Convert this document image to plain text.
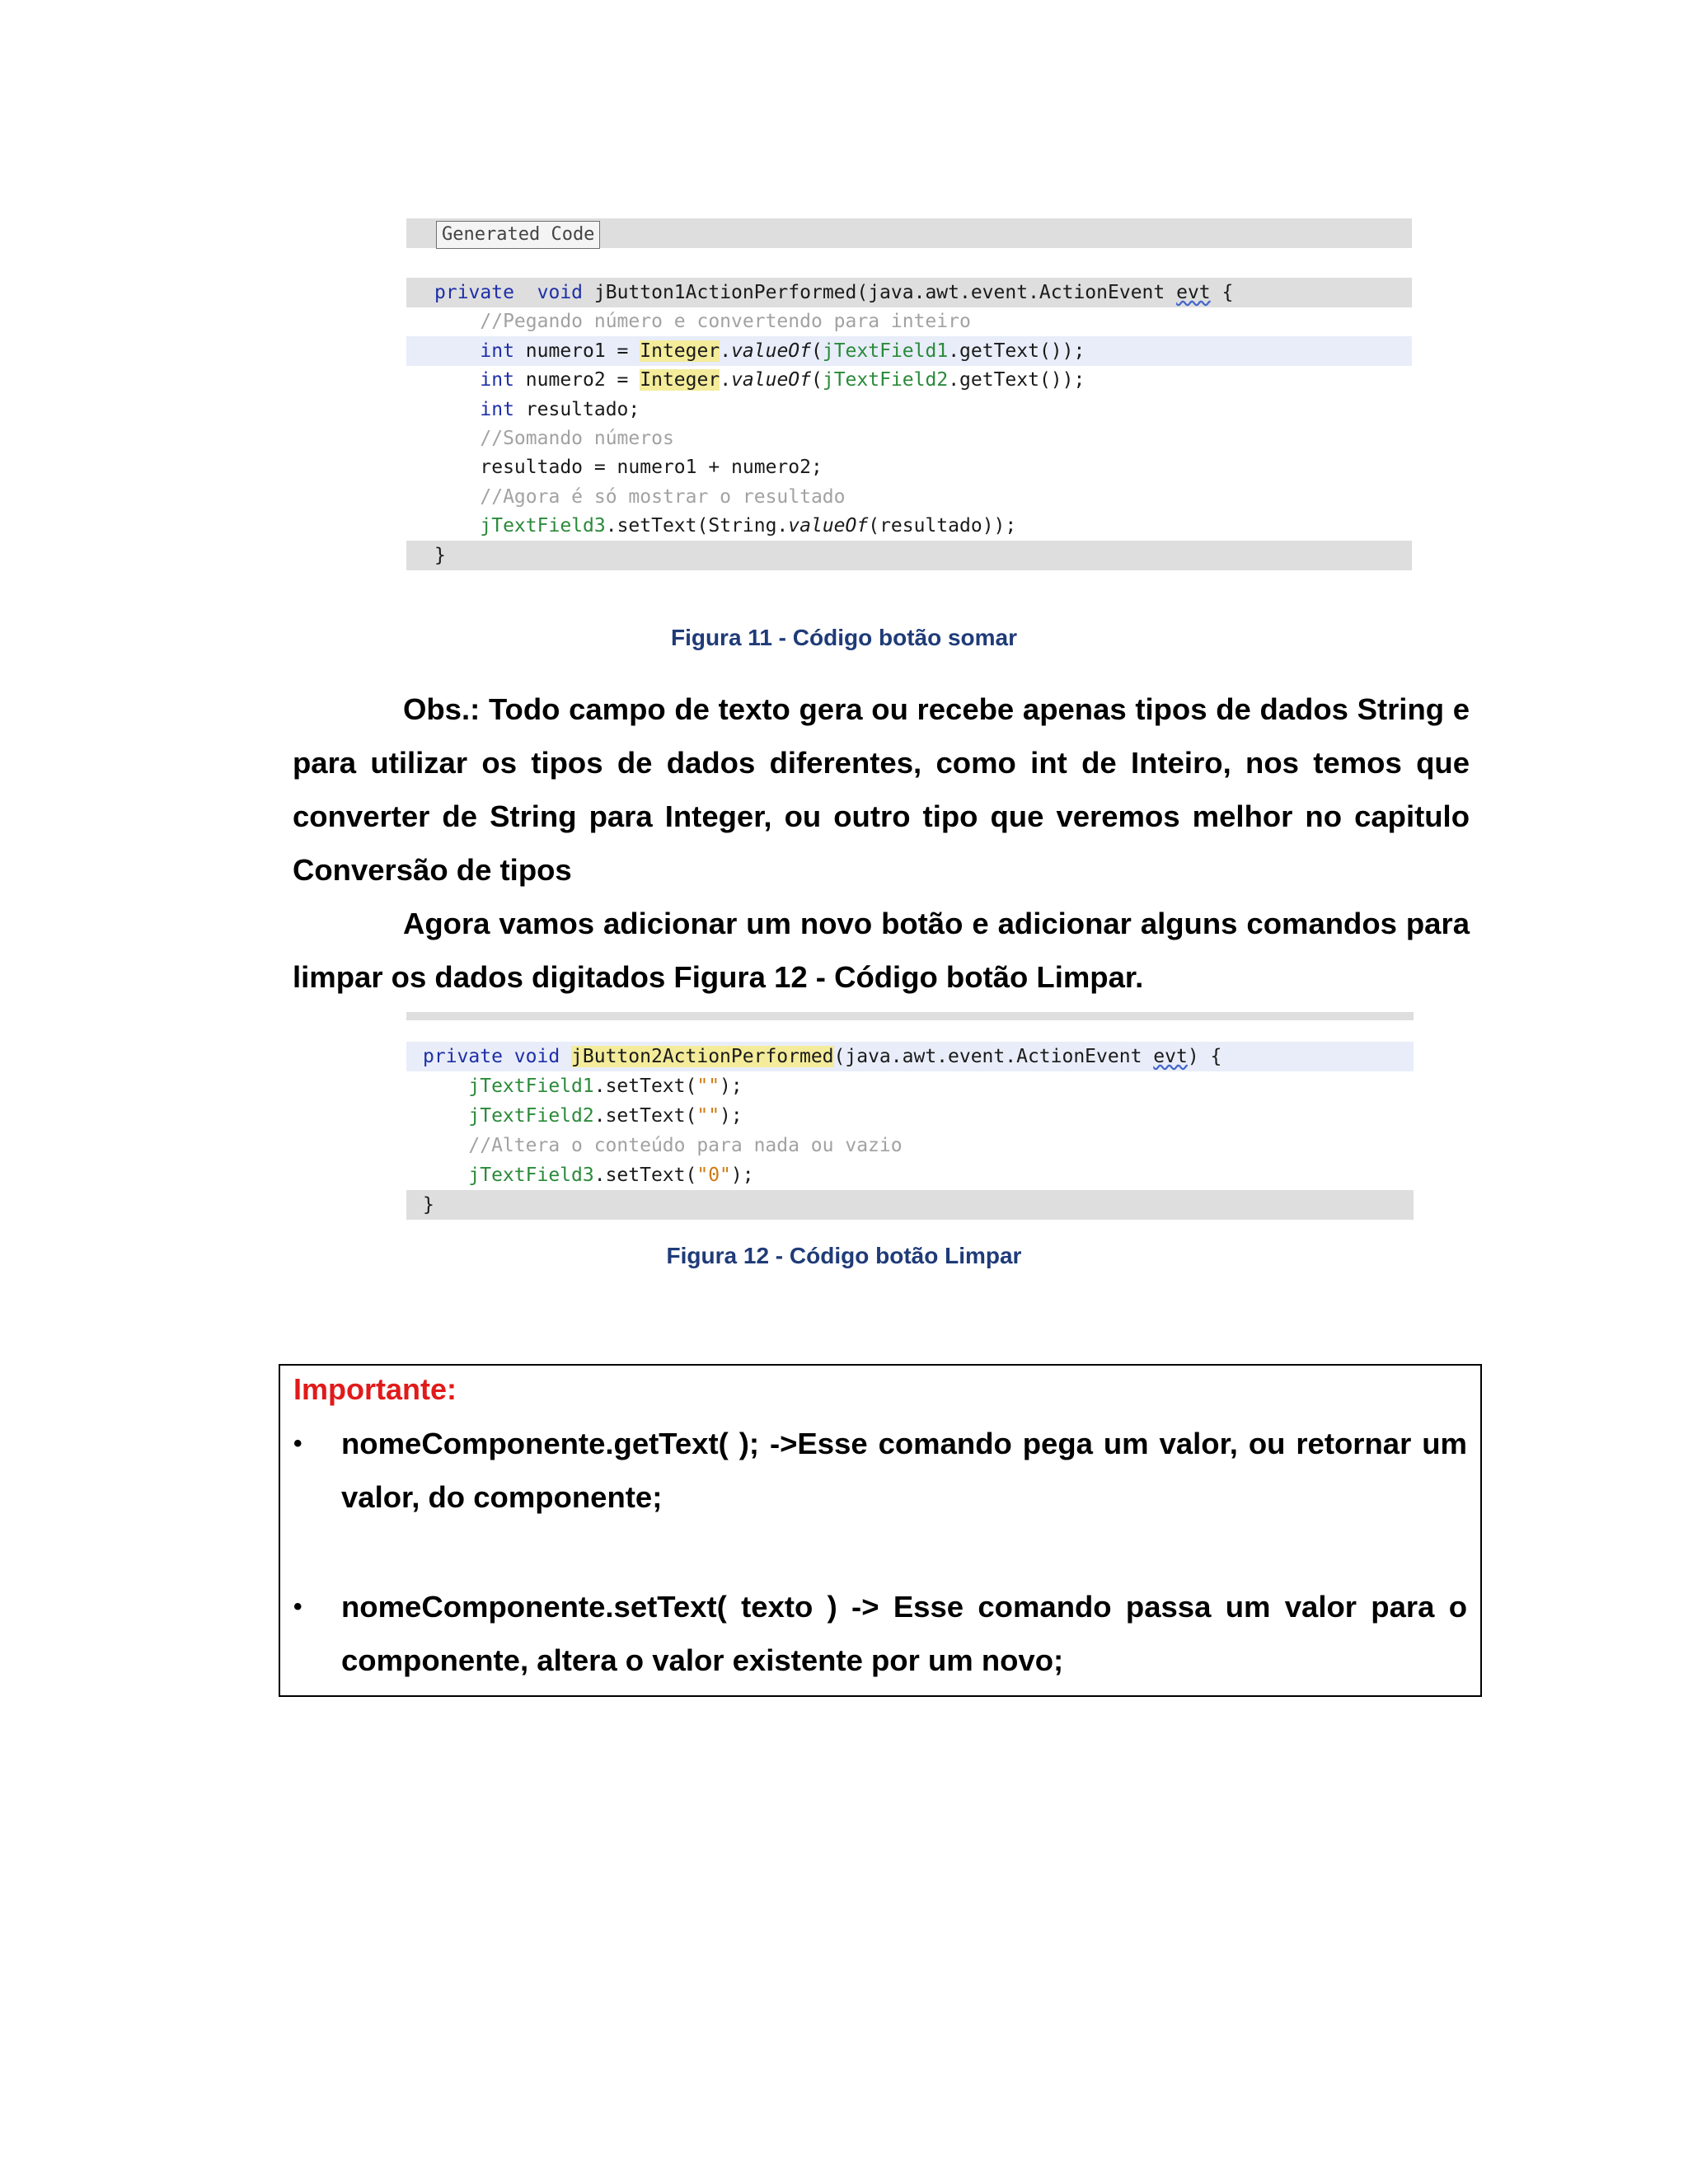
Generated Code

private void jButton1ActionPerformed(java.awt.event.ActionEvent evt {
//Pegando número e convertendo para inteiro
int numero1 = Integer.valueOf(jTextField1.getText());
int numero2 = Integer.valueOf(jTextField2.getText());
int resultado;
//Somando números
resultado = numero1 + numero2;
//Agora é só mostrar o resultado
jTextField3.setText(String.valueOf(resultado));
}
Figura 11 - Código botão somar

Obs.: Todo campo de texto gera ou recebe apenas tipos de dados String e para utilizar os tipos de dados diferentes, como int de Inteiro, nos temos que converter de String para Integer, ou outro tipo que veremos melhor no capitulo Conversão de tipos

Agora vamos adicionar um novo botão e adicionar alguns comandos para limpar os dados digitados Figura 12 - Código botão Limpar.

private void jButton2ActionPerformed(java.awt.event.ActionEvent evt) {
jTextField1.setText("");
jTextField2.setText("");
//Altera o conteúdo para nada ou vazio
jTextField3.setText("0");
}
Figura 12 - Código botão Limpar
Importante:
• nomeComponente.getText( ); ->Esse comando pega um valor, ou retornar um valor, do componente;
• nomeComponente.setText( texto ) -> Esse comando passa um valor para o componente, altera o valor existente por um novo;
